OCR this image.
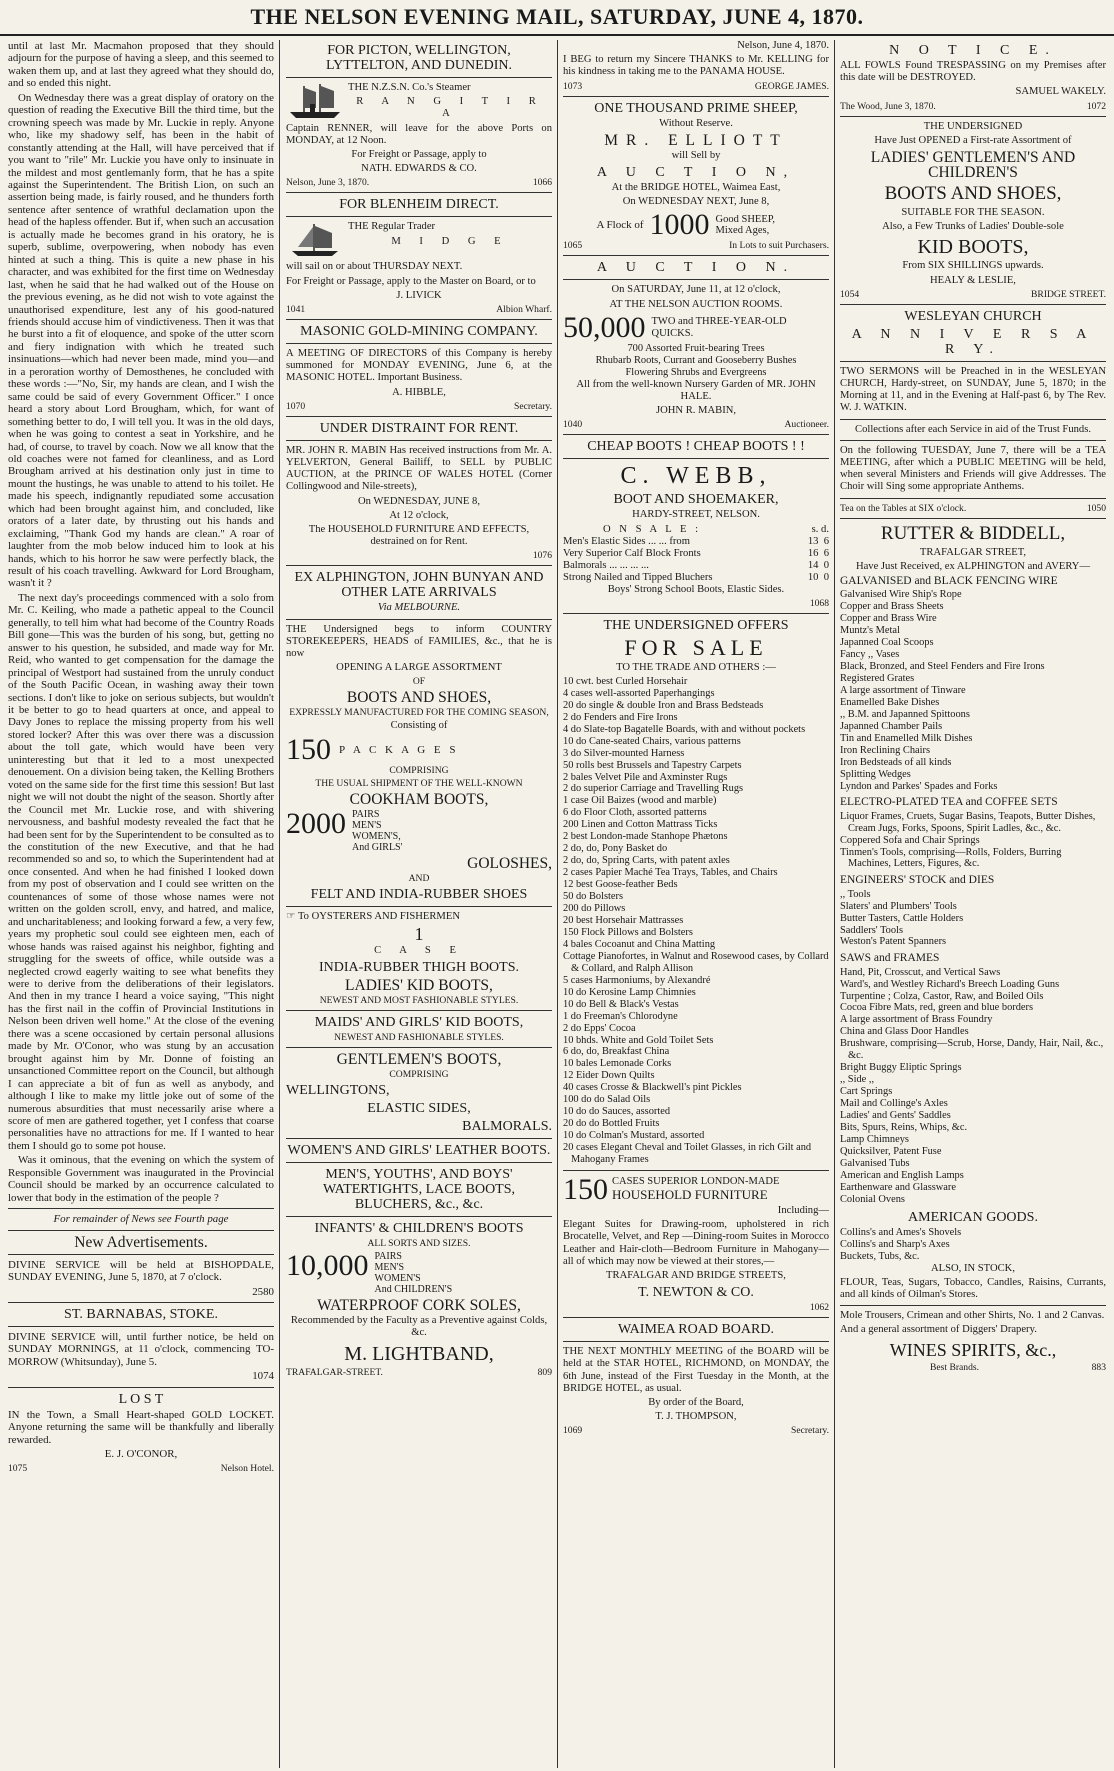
THE NELSON EVENING MAIL, SATURDAY, JUNE 4, 1870.

until at last Mr. Macmahon proposed that they should adjourn for the purpose of having a sleep, and this seemed to waken them up, and at last they agreed what they should do, and so ended this night.

On Wednesday there was a great display of oratory on the question of reading the Executive Bill the third time, but the crowning speech was made by Mr. Luckie in reply. Anyone who, like my shadowy self, has been in the habit of constantly attending at the Hall, will have perceived that if you want to "rile" Mr. Luckie you have only to insinuate in the mildest and most gentlemanly form, that he has a spite against the Superintendent. The British Lion, on such an assertion being made, is fairly roused, and he thunders forth sentence after sentence of wrathful declamation upon the head of the hapless offender. But if, when such an accusation is actually made he becomes grand in his oratory, he is superb, sublime, overpowering, when nobody has even hinted at such a thing. This is quite a new phase in his character, and was exhibited for the first time on Wednesday last, when he said that he had walked out of the House on the previous evening, as he did not wish to vote against the unauthorised expenditure, lest any of his good-natured friends should accuse him of vindictiveness. Then it was that he burst into a fit of eloquence, and spoke of the utter scorn and fiery indignation with which he treated such insinuations—which had never been made, mind you—and in a peroration worthy of Demosthenes, he concluded with these words :—"No, Sir, my hands are clean, and I wish the same could be said of every Government Officer." I once heard a story about Lord Brougham, which, for want of something better to do, I will tell you. It was in the old days, when he was going to contest a seat in Yorkshire, and he had, of course, to travel by coach. Now we all know that the old coaches were not famed for cleanliness, and as Lord Brougham arrived at his destination only just in time to mount the hustings, he was unable to attend to his toilet. He made his speech, indignantly repudiated some accusation which had been brought against him, and concluded, like orators of a later date, by thrusting out his hands and exclaiming, "Thank God my hands are clean." A roar of laughter from the mob below induced him to look at his hands, which to his horror he saw were perfectly black, the result of his coach travelling. Awkward for Lord Brougham, wasn't it ?

The next day's proceedings commenced with a solo from Mr. C. Keiling, who made a pathetic appeal to the Council generally, to tell him what had become of the Country Roads Bill gone—This was the burden of his song, but, getting no answer to his question, he subsided, and made way for Mr. Reid, who wanted to get compensation for the damage the principal of Westport had sustained from the unruly conduct of the South Pacific Ocean, in washing away their town sections. I don't like to joke on serious subjects, but wouldn't it be better to go to head quarters at once, and appeal to Davy Jones to replace the missing property from his well stored locker? After this was over there was a discussion about the toll gate, which would have been very uninteresting but that it led to a most unexpected denouement. On a division being taken, the Kelling Brothers voted on the same side for the first time this session! But last night we will not doubt the night of the season. Shortly after the Council met Mr. Luckie rose, and with shivering nervousness, and bashful modesty revealed the fact that he had been sent for by the Superintendent to be consulted as to the constitution of the new Executive, and that he had recommended so and so, to which the Superintendent had at once consented. And when he had finished I looked down from my post of observation and I could see written on the countenances of some of those whose names were not written on the golden scroll, envy, and hatred, and malice, and uncharitableness; and looking forward a few, a very few, years my prophetic soul could see eighteen men, each of whose hands was raised against his neighbor, fighting and struggling for the sweets of office, while outside was a neglected crowd eagerly waiting to see what benefits they were to derive from the deliberations of their legislators. And then in my trance I heard a voice saying, "This night has the first nail in the coffin of Provincial Institutions in Nelson been driven well home." At the close of the evening there was a scene occasioned by certain personal allusions made by Mr. O'Conor, who was stung by an accusation brought against him by Mr. Donne of foisting an unsanctioned Committee report on the Council, but although I can appreciate a bit of fun as well as anybody, and although I like to make my little joke out of some of the numerous absurdities that must necessarily arise where a score of men are gathered together, yet I confess that coarse personalities have no attractions for me. If I wanted to hear them I should go to some pot house.

Was it ominous, that the evening on which the system of Responsible Government was inaugurated in the Provincial Council should be marked by an occurrence calculated to lower that body in the estimation of the people ?

For remainder of News see Fourth page

New Advertisements.

DIVINE SERVICE will be held at BISHOPDALE, SUNDAY EVENING, June 5, 1870, at 7 o'clock.

2580

ST. BARNABAS, STOKE.

DIVINE SERVICE will, until further notice, be held on SUNDAY MORNINGS, at 11 o'clock, commencing TO-MORROW (Whitsunday), June 5.

1074

L O S T

IN the Town, a Small Heart-shaped GOLD LOCKET. Anyone returning the same will be thankfully and liberally rewarded.

E. J. O'CONOR,

1075	Nelson Hotel.
FOR PICTON, WELLINGTON, LYTTELTON, AND DUNEDIN.

THE N.Z.S.N. Co.'s Steamer

R A N G I T I R A

Captain RENNER, will leave for the above Ports on MONDAY, at 12 Noon.

For Freight or Passage, apply to

NATH. EDWARDS & CO.

Nelson, June 3, 1870.	1066
FOR BLENHEIM DIRECT.

THE Regular Trader

M I D G E

will sail on or about THURSDAY NEXT.

For Freight or Passage, apply to the Master on Board, or to

J. LIVICK

1041	Albion Wharf.
MASONIC GOLD-MINING COMPANY.

A MEETING OF DIRECTORS of this Company is hereby summoned for MONDAY EVENING, June 6, at the MASONIC HOTEL. Important Business.

A. HIBBLE,

1070	Secretary.
UNDER DISTRAINT FOR RENT.

MR. JOHN R. MABIN Has received instructions from Mr. A. YELVERTON, General Bailiff, to SELL by PUBLIC AUCTION, at the PRINCE OF WALES HOTEL (Corner Collingwood and Nile-streets),

On WEDNESDAY, JUNE 8,

At 12 o'clock,

The HOUSEHOLD FURNITURE AND EFFECTS, destrained on for Rent.

1076

EX ALPHINGTON, JOHN BUNYAN AND OTHER LATE ARRIVALS

Via MELBOURNE.

THE Undersigned begs to inform COUNTRY STOREKEEPERS, HEADS of FAMILIES, &c., that he is now

OPENING A LARGE ASSORTMENT

OF

BOOTS AND SHOES,

EXPRESSLY MANUFACTURED FOR THE COMING SEASON,

Consisting of

150 P A C K A G E S

COMPRISING

THE USUAL SHIPMENT OF THE WELL-KNOWN

COOKHAM BOOTS,
2000 PAIRS
MEN'S
WOMEN'S,
And GIRLS'
GOLOSHES,

AND

FELT AND INDIA-RUBBER SHOES

☞ To OYSTERERS AND FISHERMEN

1

C A S E

INDIA-RUBBER THIGH BOOTS.
LADIES' KID BOOTS,

NEWEST AND MOST FASHIONABLE STYLES.

MAIDS' AND GIRLS' KID BOOTS,

NEWEST AND FASHIONABLE STYLES.

GENTLEMEN'S BOOTS,

COMPRISING

WELLINGTONS,
ELASTIC SIDES,
BALMORALS.
WOMEN'S AND GIRLS' LEATHER BOOTS.
MEN'S, YOUTHS', AND BOYS' WATERTIGHTS, LACE BOOTS, BLUCHERS, &c., &c.
INFANTS' & CHILDREN'S BOOTS

ALL SORTS AND SIZES.

10,000 PAIRS
MEN'S
WOMEN'S
And CHILDREN'S
WATERPROOF CORK SOLES,

Recommended by the Faculty as a Preventive against Colds, &c.

M. LIGHTBAND,
TRAFALGAR-STREET.	809

Nelson, June 4, 1870.

I BEG to return my Sincere THANKS to Mr. KELLING for his kindness in taking me to the PANAMA HOUSE.

1073	GEORGE JAMES.
ONE THOUSAND PRIME SHEEP,

Without Reserve.

MR. ELLIOTT

will Sell by

A U C T I O N,

At the BRIDGE HOTEL, Waimea East,

On WEDNESDAY NEXT, June 8,

A Flock of 1000 Good SHEEP, Mixed Ages,
1065	In Lots to suit Purchasers.
A U C T I O N.

On SATURDAY, June 11, at 12 o'clock,

AT THE NELSON AUCTION ROOMS.

50,000 TWO and THREE-YEAR-OLD QUICKS.
700 Assorted Fruit-bearing Trees
Rhubarb Roots, Currant and Gooseberry Bushes
Flowering Shrubs and Evergreens

All from the well-known Nursery Garden of MR. JOHN HALE.

JOHN R. MABIN,

1040	Auctioneer.
CHEAP BOOTS ! CHEAP BOOTS ! !
C. WEBB,
BOOT AND SHOEMAKER,

HARDY-STREET, NELSON.

O N S A L E :	s. d.
Men's Elastic Sides ... ... from	13 6
Very Superior Calf Block Fronts	16 6
Balmorals ... ... ... ...	14 0
Strong Nailed and Tipped Bluchers	10 0

Boys' Strong School Boots, Elastic Sides.

1068

THE UNDERSIGNED OFFERS
FOR SALE

TO THE TRADE AND OTHERS :—

10 cwt. best Curled Horsehair
4 cases well-assorted Paperhangings
20 do single & double Iron and Brass Bedsteads
2 do Fenders and Fire Irons
4 do Slate-top Bagatelle Boards, with and without pockets
10 do Cane-seated Chairs, various patterns
3 do Silver-mounted Harness
50 rolls best Brussels and Tapestry Carpets
2 bales Velvet Pile and Axminster Rugs
2 do superior Carriage and Travelling Rugs
1 case Oil Baizes (wood and marble)
6 do Floor Cloth, assorted patterns
200 Linen and Cotton Mattrass Ticks
2 best London-made Stanhope Phætons
2 do, do, Pony Basket do
2 do, do, Spring Carts, with patent axles
2 cases Papier Maché Tea Trays, Tables, and Chairs
12 best Goose-feather Beds
50 do Bolsters
200 do Pillows
20 best Horsehair Mattrasses
150 Flock Pillows and Bolsters
4 bales Cocoanut and China Matting
Cottage Pianofortes, in Walnut and Rosewood cases, by Collard & Collard, and Ralph Allison
5 cases Harmoniums, by Alexandré
10 do Kerosine Lamp Chimnies
10 do Bell & Black's Vestas
1 do Freeman's Chlorodyne
2 do Epps' Cocoa
10 bhds. White and Gold Toilet Sets
6 do, do, Breakfast China
10 bales Lemonade Corks
12 Eider Down Quilts
40 cases Crosse & Blackwell's pint Pickles
100 do do Salad Oils
10 do do Sauces, assorted
20 do do Bottled Fruits
10 do Colman's Mustard, assorted
20 cases Elegant Cheval and Toilet Glasses, in rich Gilt and Mahogany Frames
150 CASES SUPERIOR LONDON-MADE
HOUSEHOLD FURNITURE

Including—

Elegant Suites for Drawing-room, upholstered in rich Brocatelle, Velvet, and Rep —Dining-room Suites in Morocco Leather and Hair-cloth—Bedroom Furniture in Mahogany—all of which may now be viewed at their stores,—

TRAFALGAR AND BRIDGE STREETS,

T. NEWTON & CO.

1062

WAIMEA ROAD BOARD.

THE NEXT MONTHLY MEETING of the BOARD will be held at the STAR HOTEL, RICHMOND, on MONDAY, the 6th June, instead of the First Tuesday in the Month, at the BRIDGE HOTEL, as usual.

By order of the Board,

T. J. THOMPSON,

1069	Secretary.
N O T I C E.

ALL FOWLS Found TRESPASSING on my Premises after this date will be DESTROYED.

SAMUEL WAKELY.

The Wood, June 3, 1870.	1072

THE UNDERSIGNED

Have Just OPENED a First-rate Assortment of

LADIES' GENTLEMEN'S AND CHILDREN'S
BOOTS AND SHOES,

SUITABLE FOR THE SEASON.

Also, a Few Trunks of Ladies' Double-sole

KID BOOTS,

From SIX SHILLINGS upwards.

HEALY & LESLIE,

1054	BRIDGE STREET.
WESLEYAN CHURCH
A N N I V E R S A R Y.

TWO SERMONS will be Preached in in the WESLEYAN CHURCH, Hardy-street, on SUNDAY, June 5, 1870; in the Morning at 11, and in the Evening at Half-past 6, by The Rev. W. J. WATKIN.

Collections after each Service in aid of the Trust Funds.

On the following TUESDAY, June 7, there will be a TEA MEETING, after which a PUBLIC MEETING will be held, when several Ministers and Friends will give Addresses. The Choir will Sing some appropriate Anthems.

Tea on the Tables at SIX o'clock.	1050
RUTTER & BIDDELL,

TRAFALGAR STREET,

Have Just Received, ex ALPHINGTON and AVERY—

GALVANISED and BLACK FENCING WIRE

Galvanised Wire Ship's Rope
Copper and Brass Sheets
Copper and Brass Wire
Muntz's Metal
Japanned Coal Scoops
Fancy ,, Vases
Black, Bronzed, and Steel Fenders and Fire Irons
Registered Grates
A large assortment of Tinware
Enamelled Bake Dishes
,, B.M. and Japanned Spittoons
Japanned Chamber Pails
Tin and Enamelled Milk Dishes
Iron Reclining Chairs
Iron Bedsteads of all kinds
Splitting Wedges
Lyndon and Parkes' Spades and Forks

ELECTRO-PLATED TEA and COFFEE SETS

Liquor Frames, Cruets, Sugar Basins, Teapots, Butter Dishes, Cream Jugs, Forks, Spoons, Spirit Ladles, &c., &c.
Coppered Sofa and Chair Springs
Tinmen's Tools, comprising—Rolls, Folders, Burring Machines, Letters, Figures, &c.

ENGINEERS' STOCK and DIES

,, Tools
Slaters' and Plumbers' Tools
Butter Tasters, Cattle Holders
Saddlers' Tools
Weston's Patent Spanners

SAWS and FRAMES

Hand, Pit, Crosscut, and Vertical Saws
Ward's, and Westley Richard's Breech Loading Guns
Turpentine ; Colza, Castor, Raw, and Boiled Oils
Cocoa Fibre Mats, red, green and blue borders
A large assortment of Brass Foundry
China and Glass Door Handles
Brushware, comprising—Scrub, Horse, Dandy, Hair, Nail, &c., &c.
Bright Buggy Eliptic Springs
,, Side ,,
Cart Springs
Mail and Collinge's Axles
Ladies' and Gents' Saddles
Bits, Spurs, Reins, Whips, &c.
Lamp Chimneys
Quicksilver, Patent Fuse
Galvanised Tubs
American and English Lamps
Earthenware and Glassware
Colonial Ovens
AMERICAN GOODS.
Collins's and Ames's Shovels
Collins's and Sharp's Axes
Buckets, Tubs, &c.

ALSO, IN STOCK,

FLOUR, Teas, Sugars, Tobacco, Candles, Raisins, Currants, and all kinds of Oilman's Stores.

Mole Trousers, Crimean and other Shirts, No. 1 and 2 Canvas.

And a general assortment of Diggers' Drapery.

WINES SPIRITS, &c.,
Best Brands.	883
